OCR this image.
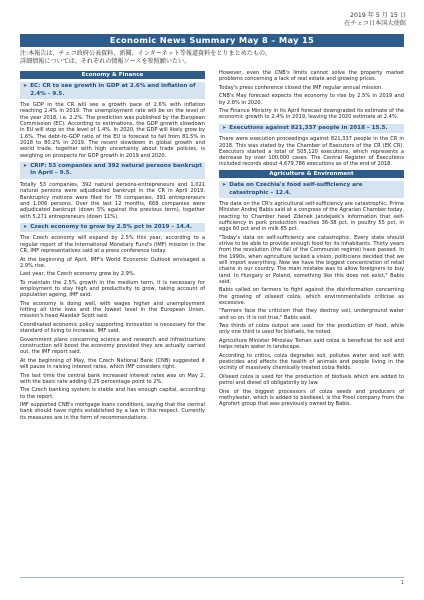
2019 年 5 月 15 日
在チェコ日本国大使館
Economic News Summary May 8 – May 15
注:本報告は、チェコ政府公表資料、新聞、インターネット等報道資料をとりまとめたもの。
詳細情報については、それぞれの情報ソースを参照願いたい。
Economy & Finance
➤ EC: CR to see growth in GDP at 2.6% and inflation of 2.4% – 9.5.

The GDP in the CR will see a growth pace of 2.6% with inflation reaching 2.4% in 2019. The unemployment rate will be on the level of the year 2018, i.e. 2.2%. The prediction was published by the European Commission (EC). According to estimations, the GDP growth slowdown in EU will stop on the level of 1.4%. In 2020, the GDP will likely grow by 1.6%. The debt-to-GDP ratio of the EU is forecast to fall from 81.5% in 2018 to 80.2% in 2019. The recent slowdown in global growth and world trade, together with high uncertainty about trade policies, is weighing on prospects for GDP growth in 2019 and 2020.

➤ CRIF: 53 companies and 392 natural persons bankrupt in April – 9.5.

Totally 53 companies, 392 natural persons-entrepreneurs and 1,021 natural persons were adjudicated bankrupt in the CR in April 2019. Bankruptcy motions were filed for 78 companies, 391 entrepreneurs and 1,006 persons. Over the last 12 months, 668 companies were adjudicated bankrupt (down 5% against the previous term), together with 5,271 entrepreneurs (down 11%).

➤ Czech economy to grow by 2.5% pct in 2019 – 14.4.

The Czech economy will expand by 2.5% this year, according to a regular report of the International Monetary Fund's (IMF) mission in the CR, IMF representatives said at a press conference today.

At the beginning of April, IMF's World Economic Outlook envisaged a 2.9% rise.

Last year, the Czech economy grew by 2.9%.

To maintain the 2.5% growth in the medium term, it is necessary for employment to stay high and productivity to grow, taking account of population ageing, IMF said.

The economy is doing well, with wages higher and unemployment hitting all time lows and the lowest level in the European Union, mission's head Alasdair Scott said.

Coordinated economic policy supporting innovation is necessary for the standard of living to increase, IMF said.

Government plans concerning science and research and infrastructure construction will boost the economy provided they are actually carried out, the IMF report said.

At the beginning of May, the Czech National Bank (CNB) suggested it will pause in raising interest rates, which IMF considers right.

The last time the central bank increased interest rates was on May 2, with the basic rate adding 0.25 percentage point to 2%.

The Czech banking system is stable and has enough capital, according to the report.

IMF supported CNB's mortgage loans conditions, saying that the central bank should have rights established by a law in this respect. Currently its measures are in the form of recommendations.

However, even the CNB's limits cannot solve the property market problems concerning a lack of real estate and growing prices.

Today's press conference closed the IMF regular annual mission.

CNB's May forecast expects the economy to rise by 2.5% in 2019 and by 2.8% in 2020.

The Finance Ministry in its April forecast downgraded its estimate of the economic growth to 2.4% in 2019, leaving the 2020 estimate at 2.4%.

➤ Executions against 821,337 people in 2018 – 15.5.

There were execution proceedings against 821,337 people in the CR in 2018. This was stated by the Chamber of Executors of the CR (EK CR). Executors started a total of 505,120 executions, which represents a decrease by over 100,000 cases. The Central Register of Executions included records about 4,679,786 executions as of the end of 2018.

Agriculture & Environment
➤ Data on Czechia's food self-sufficiency are catastrophic – 12.4.

The data on the CR's agricultural self-sufficiency are catastrophic, Prime Minister Andrej Babis said at a congress of the Agrarian Chamber today, reacting to Chamber head Zdenek Jandejsek's information that self-sufficiency in pork production reaches 36-38 pct, in poultry 55 pct, in eggs 60 pct and in milk 85 pct.

"Today's data on self-sufficiency are catastrophic. Every state should strive to be able to provide enough food for its inhabitants. Thirty years from the revolution (the fall of the Communist regime) have passed. In the 1990s, when agriculture lacked a vision, politicians decided that we will import everything. Now we have the biggest concentration of retail chains in our country. The main mistake was to allow foreigners to buy land. In Hungary or Poland, something like this does not exist," Babis said.

Babis called on farmers to fight against the disinformation concerning the growing of oilseed colza, which environmentalists criticise as excessive.

"Farmers face the criticism that they destroy soil, underground water and so on. It is not true," Babis said.

Two thirds of colza output are used for the production of food, while only one third is used for biofuels, he noted.

Agriculture Minister Miroslav Toman said colza is beneficial for soil and helps retain water in landscape.

According to critics, colza degrades soil, pollutes water and soil with pesticides and affects the health of animals and people living in the vicinity of massively chemically treated colza fields.

Oilseed colza is used for the production of biofuels which are added to petrol and diesel oil obligatorily by law.

One of the biggest processors of colza seeds and producers of methylester, which is added to biodiesel, is the Preol company from the Agrofert group that was previously owned by Babis.

1
